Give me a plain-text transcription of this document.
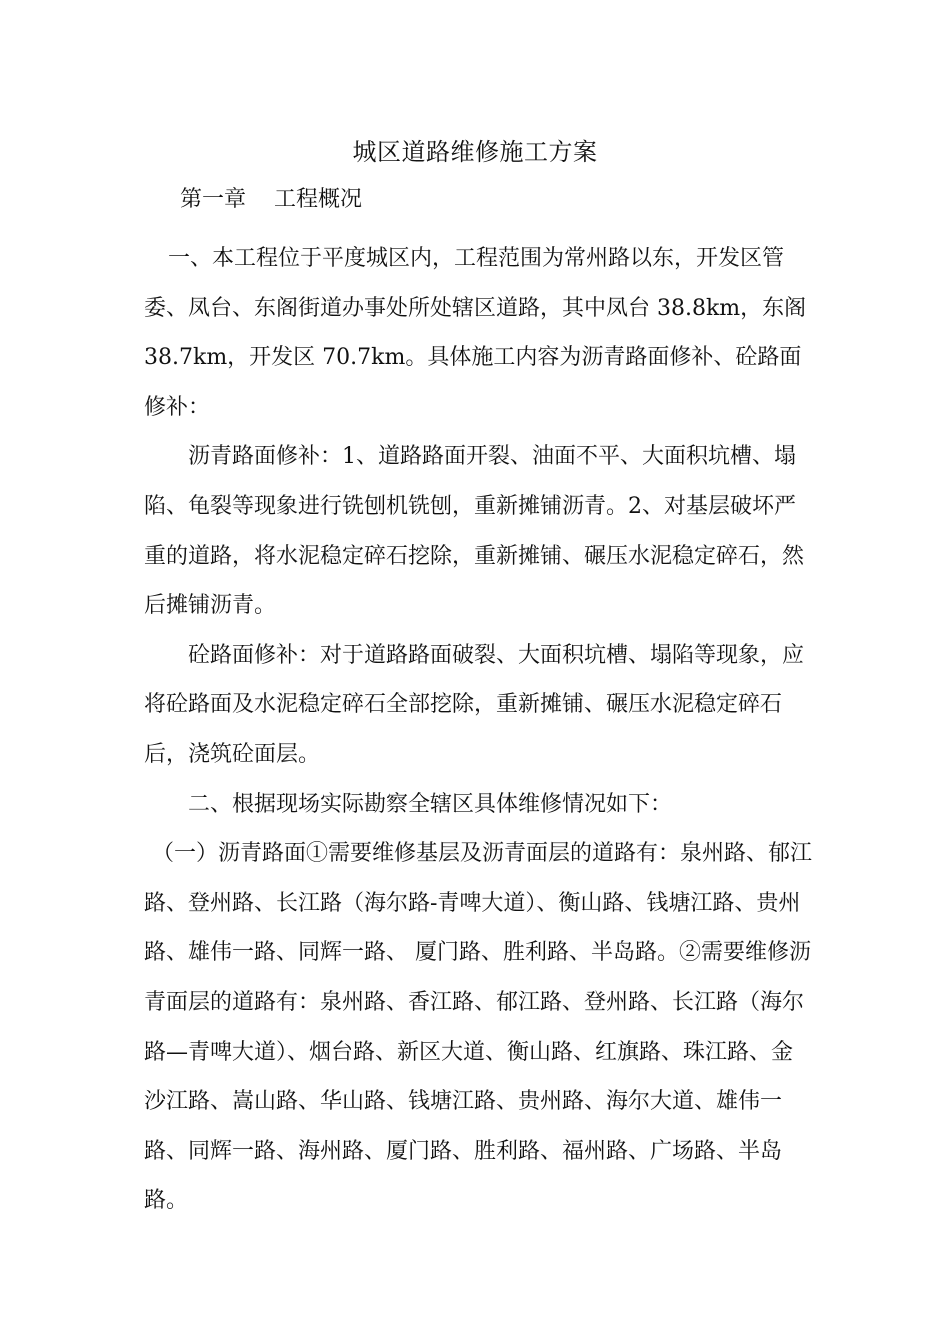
城区道路维修施工方案
第一章    工程概况

一、本工程位于平度城区内，工程范围为常州路以东，开发区管委、凤台、东阁街道办事处所处辖区道路，其中凤台 38.8km，东阁 38.7km，开发区 70.7km。具体施工内容为沥青路面修补、砼路面修补：

沥青路面修补：1、道路路面开裂、油面不平、大面积坑槽、塌陷、龟裂等现象进行铣刨机铣刨，重新摊铺沥青。2、对基层破坏严重的道路，将水泥稳定碎石挖除，重新摊铺、碾压水泥稳定碎石，然后摊铺沥青。

砼路面修补：对于道路路面破裂、大面积坑槽、塌陷等现象，应将砼路面及水泥稳定碎石全部挖除，重新摊铺、碾压水泥稳定碎石后，浇筑砼面层。

二、根据现场实际勘察全辖区具体维修情况如下：

（一）沥青路面①需要维修基层及沥青面层的道路有：泉州路、郁江路、登州路、长江路（海尔路-青啤大道）、衡山路、钱塘江路、贵州路、雄伟一路、同辉一路、 厦门路、胜利路、半岛路。②需要维修沥青面层的道路有：泉州路、香江路、郁江路、登州路、长江路（海尔路—青啤大道）、烟台路、新区大道、衡山路、红旗路、珠江路、金沙江路、嵩山路、华山路、钱塘江路、贵州路、海尔大道、雄伟一路、同辉一路、海州路、厦门路、胜利路、福州路、广场路、半岛路。
